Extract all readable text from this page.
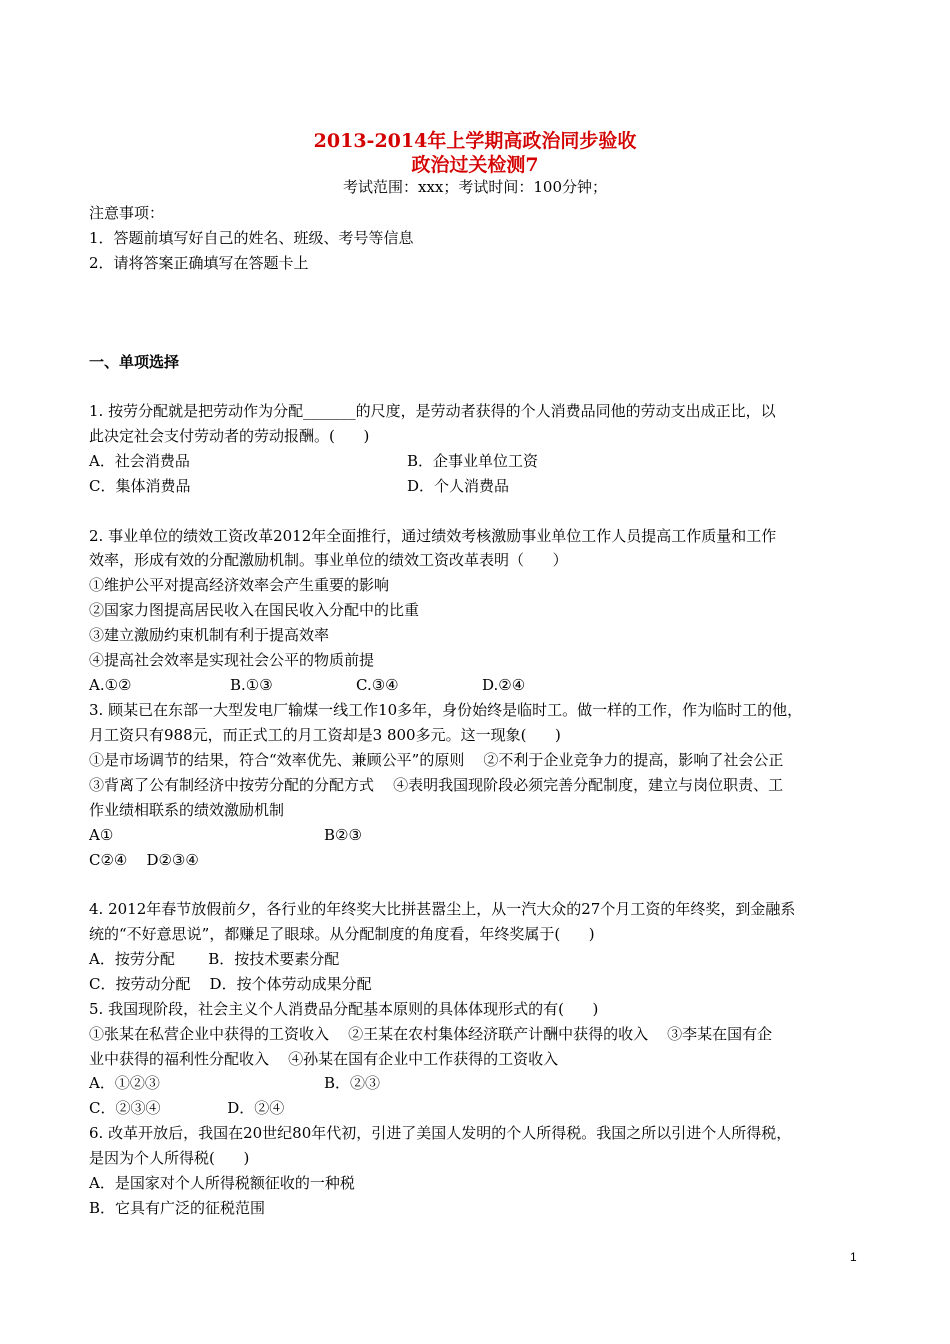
2013-2014年上学期高政治同步验收
政治过关检测7
考试范围：xxx；考试时间：100分钟；
注意事项：
1．答题前填写好自己的姓名、班级、考号等信息
2．请将答案正确填写在答题卡上
一、单项选择
1. 按劳分配就是把劳动作为分配_______的尺度，是劳动者获得的个人消费品同他的劳动支出成正比，以
此决定社会支付劳动者的劳动报酬。(      )
A．社会消费品	B．企事业单位工资
C．集体消费品	D．个人消费品
2. 事业单位的绩效工资改革2012年全面推行，通过绩效考核激励事业单位工作人员提高工作质量和工作
效率，形成有效的分配激励机制。事业单位的绩效工资改革表明（      ）
①维护公平对提高经济效率会产生重要的影响
②国家力图提高居民收入在国民收入分配中的比重
③建立激励约束机制有利于提高效率
④提高社会效率是实现社会公平的物质前提
A.①②	B.①③	C.③④	D.②④
3. 顾某已在东部一大型发电厂输煤一线工作10多年，身份始终是临时工。做一样的工作，作为临时工的他，
月工资只有988元，而正式工的月工资却是3 800多元。这一现象(      )
①是市场调节的结果，符合“效率优先、兼顾公平”的原则    ②不利于企业竞争力的提高，影响了社会公正
③背离了公有制经济中按劳分配的分配方式    ④表明我国现阶段必须完善分配制度，建立与岗位职责、工
作业绩相联系的绩效激励机制
A①	B②③
C②④    D②③④
4. 2012年春节放假前夕，各行业的年终奖大比拼甚嚣尘上，从一汽大众的27个月工资的年终奖，到金融系
统的“不好意思说”，都赚足了眼球。从分配制度的角度看，年终奖属于(      )
A．按劳分配       B．按技术要素分配
C．按劳动分配    D．按个体劳动成果分配
5. 我国现阶段，社会主义个人消费品分配基本原则的具体体现形式的有(      )
①张某在私营企业中获得的工资收入    ②王某在农村集体经济联产计酬中获得的收入    ③李某在国有企
业中获得的福利性分配收入    ④孙某在国有企业中工作获得的工资收入
A．①②③	B．②③
C．②③④              D．②④
6. 改革开放后，我国在20世纪80年代初，引进了美国人发明的个人所得税。我国之所以引进个人所得税，
是因为个人所得税(      )
A．是国家对个人所得税额征收的一种税
B．它具有广泛的征税范围
1
